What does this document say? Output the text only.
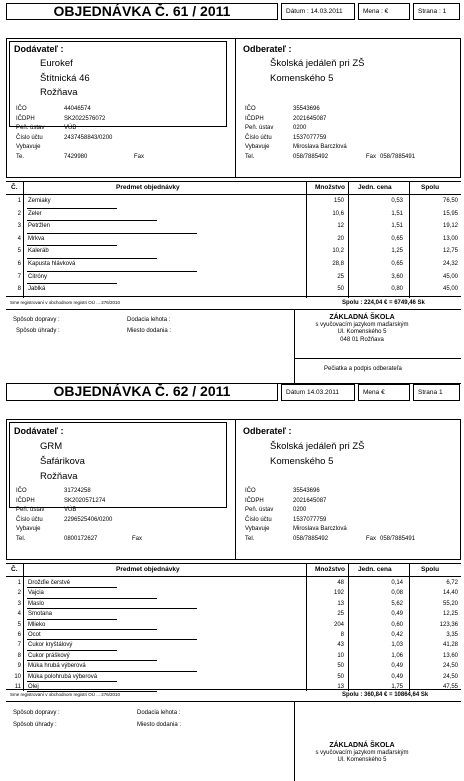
OBJEDNÁVKA Č. 61 / 2011	Dátum : 14.03.2011	Mena : €	Strana : 1
Dodávateľ :
Eurokef
Štítnická 46
Rožňava
IČO	44046574
IČDPH	SK2022576072
Peň. ústav	VÚB
Číslo účtu	2437458843/0200
Vybavuje
Te.	7429980	Fax
Odberateľ :
Školská jedáleň pri ZŠ
Komenského 5
IČO	35543696
IČDPH	2021645087
Peň. ústav	0200
Číslo účtu	1537077759
Vybavuje	Miroslava Barczlová
Tel.	058/7885492	Fax 058/7885491
Č.	Predmet objednávky	Množstvo Jedn. cena	Spolu
1 Zemiaky	150	0,53	76,50
2 Zeler	10,6	1,51	15,95
3 Petržlen	12	1,51	19,12
4 Mrkva	20	0,65	13,00
5 Kaleráb	10,2	1,25	12,75
6 Kapusta hlávková	28,8	0,65	24,32
7 Citróny	25	3,60	45,00
8 Jablká	50	0,80	45,00
Sme registrovaní v obchodnom registri OÚ ... 276/2010	Spolu : 224,04 € = 6749,46 Sk
Spôsob dopravy :	Dodacia lehota :
Spôsob úhrady :	Miesto dodania :
ZÁKLADNÁ ŠKOLA
s vyučovacím jazykom maďarským
Ul. Komenského 5
048 01 Rožňava
Pečiatka a podpis odberateľa
OBJEDNÁVKA Č. 62 / 2011	Dátum 14.03.2011	Mena €	Strana 1
Dodávateľ :
GRM
Šafárikova
Rožňava
IČO	31724258
IČDPH	SK2020571274
Peň. ústav	VÚB
Číslo účtu	2296525406/0200
Vybavuje
Tel.	0800172627	Fax
Odberateľ :
Školská jedáleň pri ZŠ
Komenského 5
IČO	35543696
IČDPH	2021645087
Peň. ústav	0200
Číslo účtu	1537077759
Vybavuje	Miroslava Barczlová
Tel.	058/7885492	Fax 058/7885491
Č.	Predmet objednávky	Množstvo Jedn. cena	Spolu
1 Drožďie čerstvé	48	0,14	6,72
2 Vajcia	192	0,08	14,40
3 Maslo	13	5,62	55,20
4 Smotana	25	0,49	12,25
5 Mlieko	204	0,60	123,36
6 Ocot	8	0,42	3,35
7 Cukor kryštálový	43	1,03	41,28
8 Cukor práškový	10	1,06	13,60
9 Múka hrubá výberová	50	0,49	24,50
10 Múka polohrubá výberová	50	0,49	24,50
11 Olej	13	1,75	47,55
Sme registrovaní v obchodnom registri OÚ ... 276/2010	Spolu : 360,84 € = 10864,64 Sk
Spôsob dopravy :	Dodacia lehota :
Spôsob úhrady :	Miesto dodania :
ZÁKLADNÁ ŠKOLA
s vyučovacím jazykom maďarským
Ul. Komenského 5
